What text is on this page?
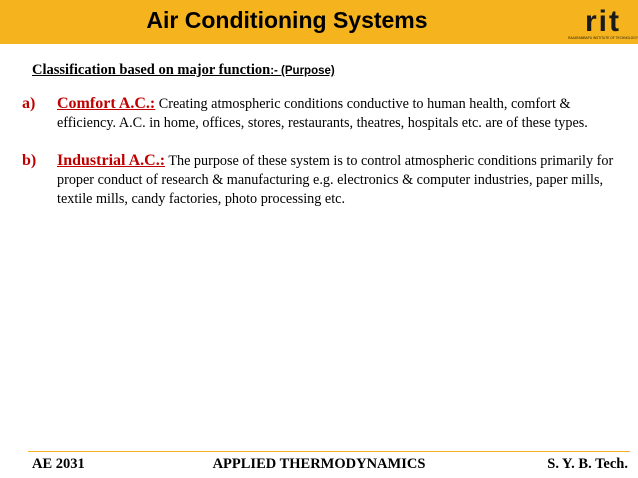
Air Conditioning Systems	rit
RAJARAMBAPU INSTITUTE OF TECHNOLOGY
Classification based on major function:- (Purpose)
a) Comfort A.C.: Creating atmospheric conditions conductive to human health, comfort & efficiency. A.C. in home, offices, stores, restaurants, theatres, hospitals etc. are of these types.
b) Industrial A.C.: The purpose of these system is to control atmospheric conditions primarily for proper conduct of research & manufacturing e.g. electronics & computer industries, paper mills, textile mills, candy factories, photo processing etc.
APPLIED THERMODYNAMICS
AE 2031	S. Y. B. Tech.
